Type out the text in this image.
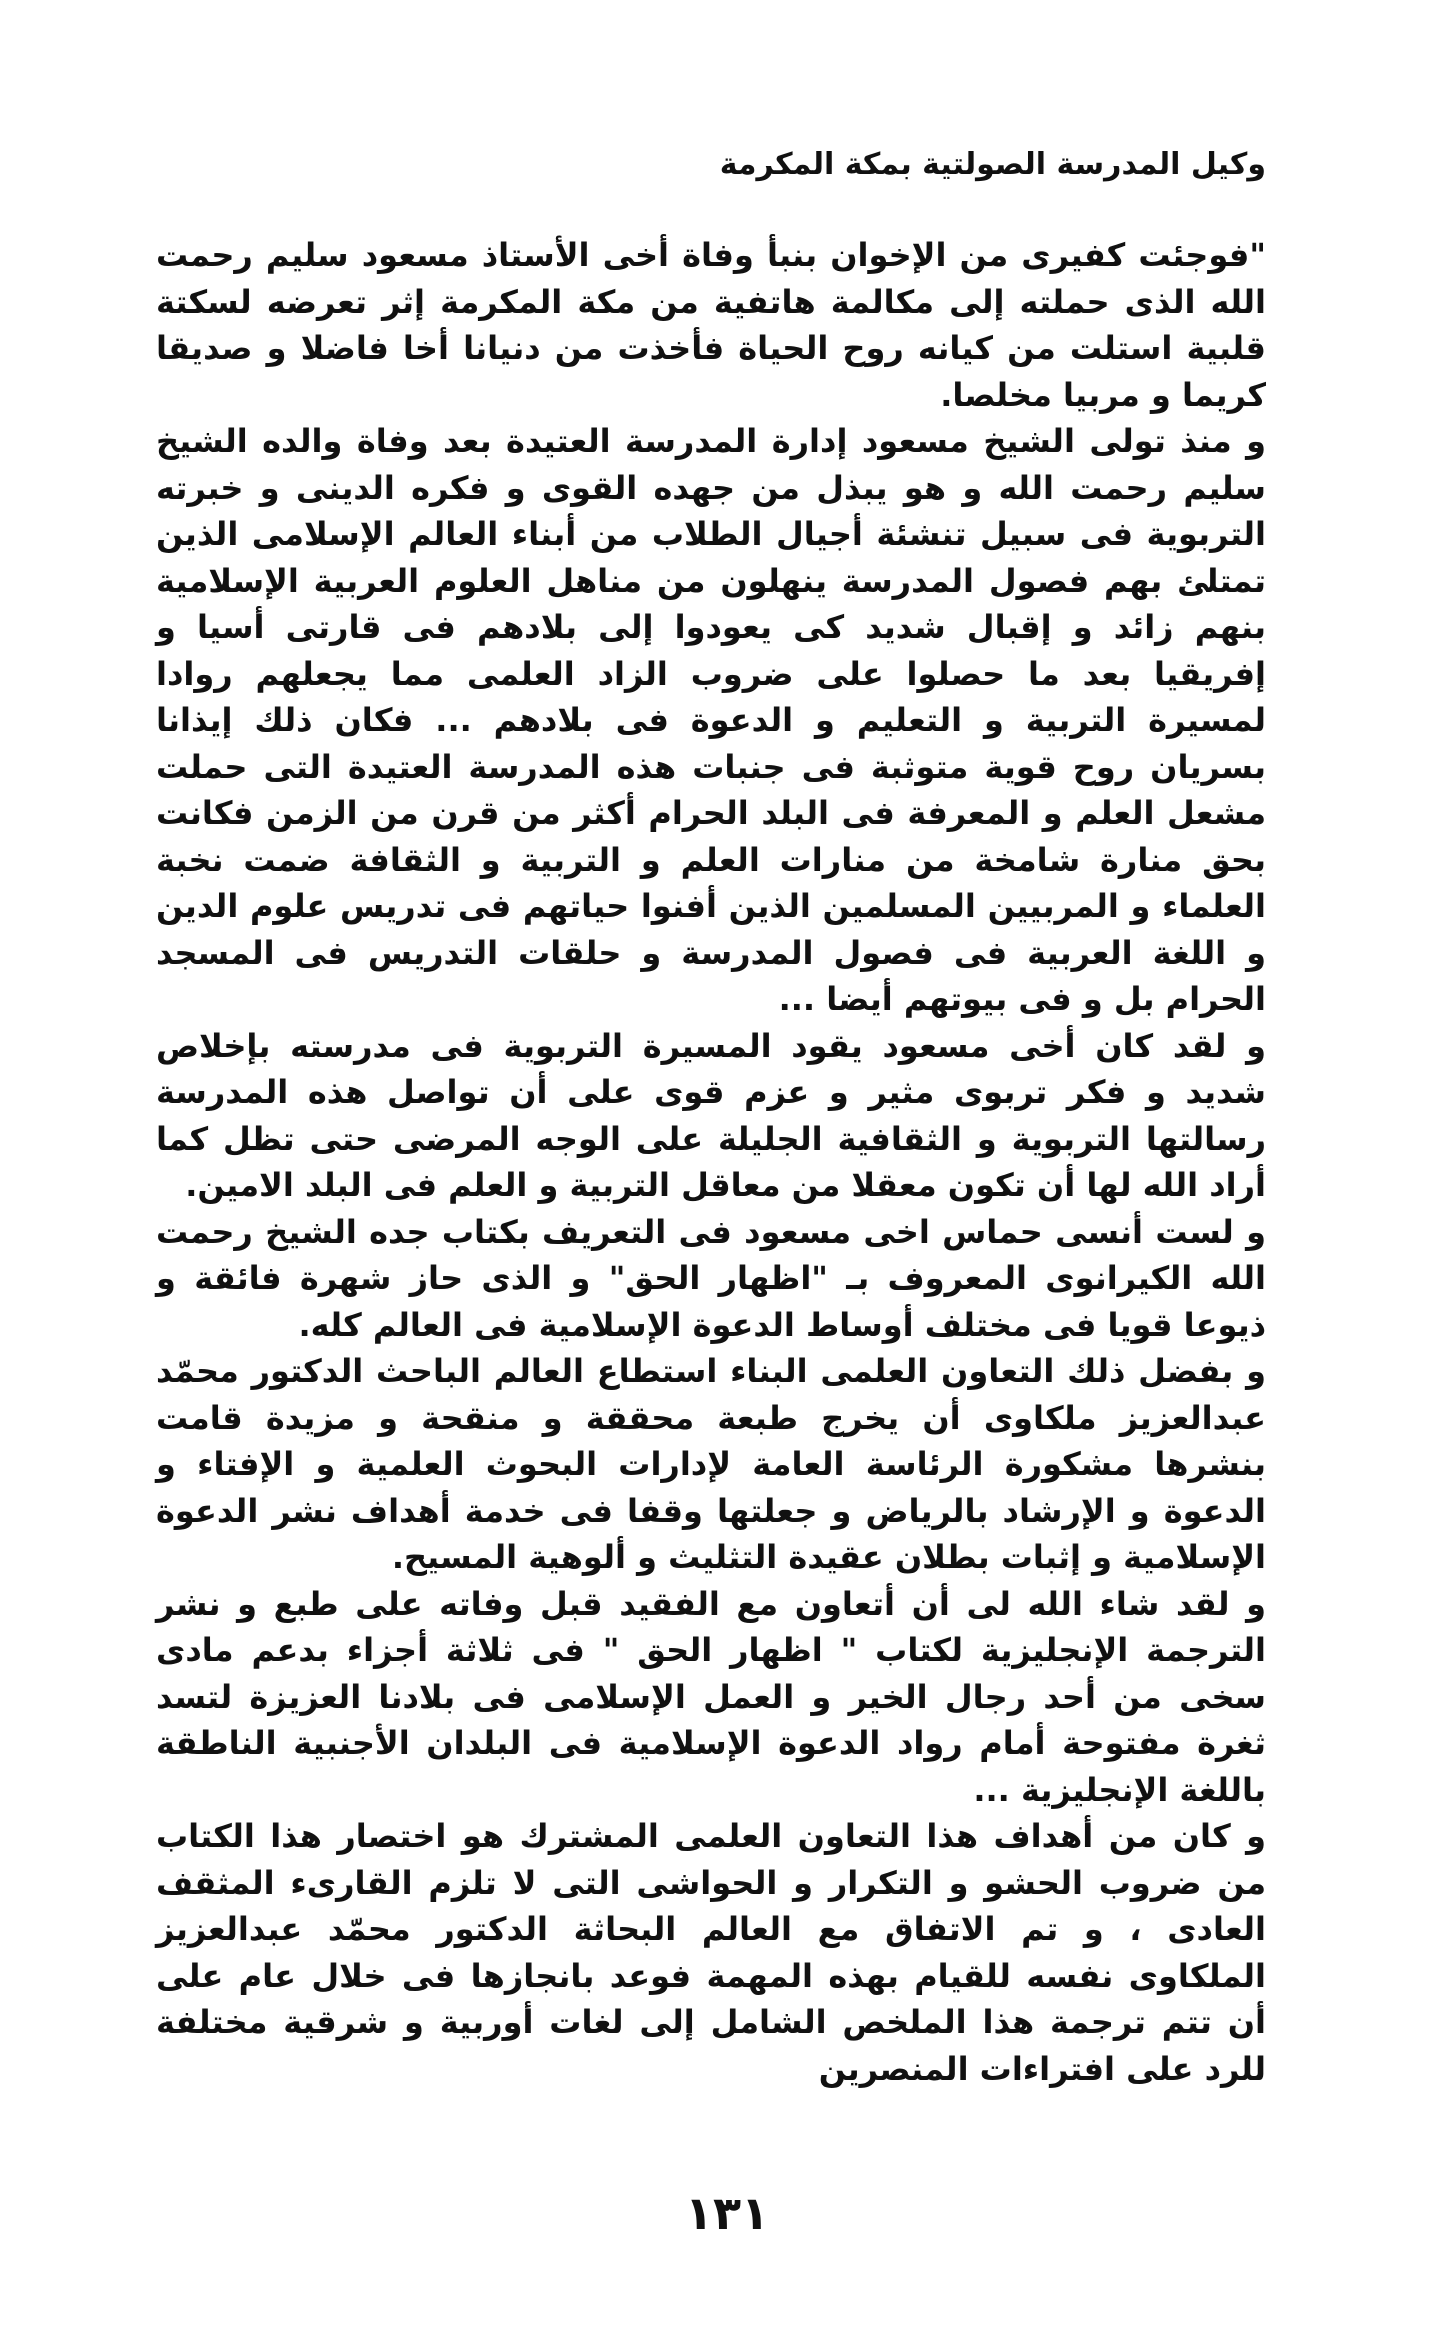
وكيل المدرسة الصولتية بمكة المكرمة

"فوجئت كفيرى من الإخوان بنبأ وفاة أخى الأستاذ مسعود سليم رحمت الله الذى حملته إلى مكالمة هاتفية من مكة المكرمة إثر تعرضه لسكتة قلبية استلت من كيانه روح الحياة فأخذت من دنيانا أخا فاضلا و صديقا كريما و مربيا مخلصا.

و منذ تولى الشيخ مسعود إدارة المدرسة العتيدة بعد وفاة والده الشيخ سليم رحمت الله و هو يبذل من جهده القوى و فكره الدينى و خبرته التربوية فى سبيل تنشئة أجيال الطلاب من أبناء العالم الإسلامى الذين تمتلئ بهم فصول المدرسة ينهلون من مناهل العلوم العربية الإسلامية بنهم زائد و إقبال شديد كى يعودوا إلى بلادهم فى قارتى أسيا و إفريقيا بعد ما حصلوا على ضروب الزاد العلمى مما يجعلهم روادا لمسيرة التربية و التعليم و الدعوة فى بلادهم ... فكان ذلك إيذانا بسريان روح قوية متوثبة فى جنبات هذه المدرسة العتيدة التى حملت مشعل العلم و المعرفة فى البلد الحرام أكثر من قرن من الزمن فكانت بحق منارة شامخة من منارات العلم و التربية و الثقافة ضمت نخبة العلماء و المربيين المسلمين الذين أفنوا حياتهم فى تدريس علوم الدين و اللغة العربية فى فصول المدرسة و حلقات التدريس فى المسجد الحرام بل و فى بيوتهم أيضا ...

و لقد كان أخى مسعود يقود المسيرة التربوية فى مدرسته بإخلاص شديد و فكر تربوى مثير و عزم قوى على أن تواصل هذه المدرسة رسالتها التربوية و الثقافية الجليلة على الوجه المرضى حتى تظل كما أراد الله لها أن تكون معقلا من معاقل التربية و العلم فى البلد الامين.

و لست أنسى حماس اخى مسعود فى التعريف بكتاب جده الشيخ رحمت الله الكيرانوى المعروف بـ "اظهار الحق" و الذى حاز شهرة فائقة و ذيوعا قويا فى مختلف أوساط الدعوة الإسلامية فى العالم كله.

و بفضل ذلك التعاون العلمى البناء استطاع العالم الباحث الدكتور محمّد عبدالعزيز ملكاوى أن يخرج طبعة محققة و منقحة و مزيدة قامت بنشرها مشكورة الرئاسة العامة لإدارات البحوث العلمية و الإفتاء و الدعوة و الإرشاد بالرياض و جعلتها وقفا فى خدمة أهداف نشر الدعوة الإسلامية و إثبات بطلان عقيدة التثليث و ألوهية المسيح.

و لقد شاء الله لى أن أتعاون مع الفقيد قبل وفاته على طبع و نشر الترجمة الإنجليزية لكتاب " اظهار الحق " فى ثلاثة أجزاء بدعم مادى سخى من أحد رجال الخير و العمل الإسلامى فى بلادنا العزيزة لتسد ثغرة مفتوحة أمام رواد الدعوة الإسلامية فى البلدان الأجنبية الناطقة باللغة الإنجليزية ...

و كان من أهداف هذا التعاون العلمى المشترك هو اختصار هذا الكتاب من ضروب الحشو و التكرار و الحواشى التى لا تلزم القارىء المثقف العادى ، و تم الاتفاق مع العالم البحاثة الدكتور محمّد عبدالعزيز الملكاوى نفسه للقيام بهذه المهمة فوعد بانجازها فى خلال عام على أن تتم ترجمة هذا الملخص الشامل إلى لغات أوربية و شرقية مختلفة للرد على افتراءات المنصرين

١٣١
